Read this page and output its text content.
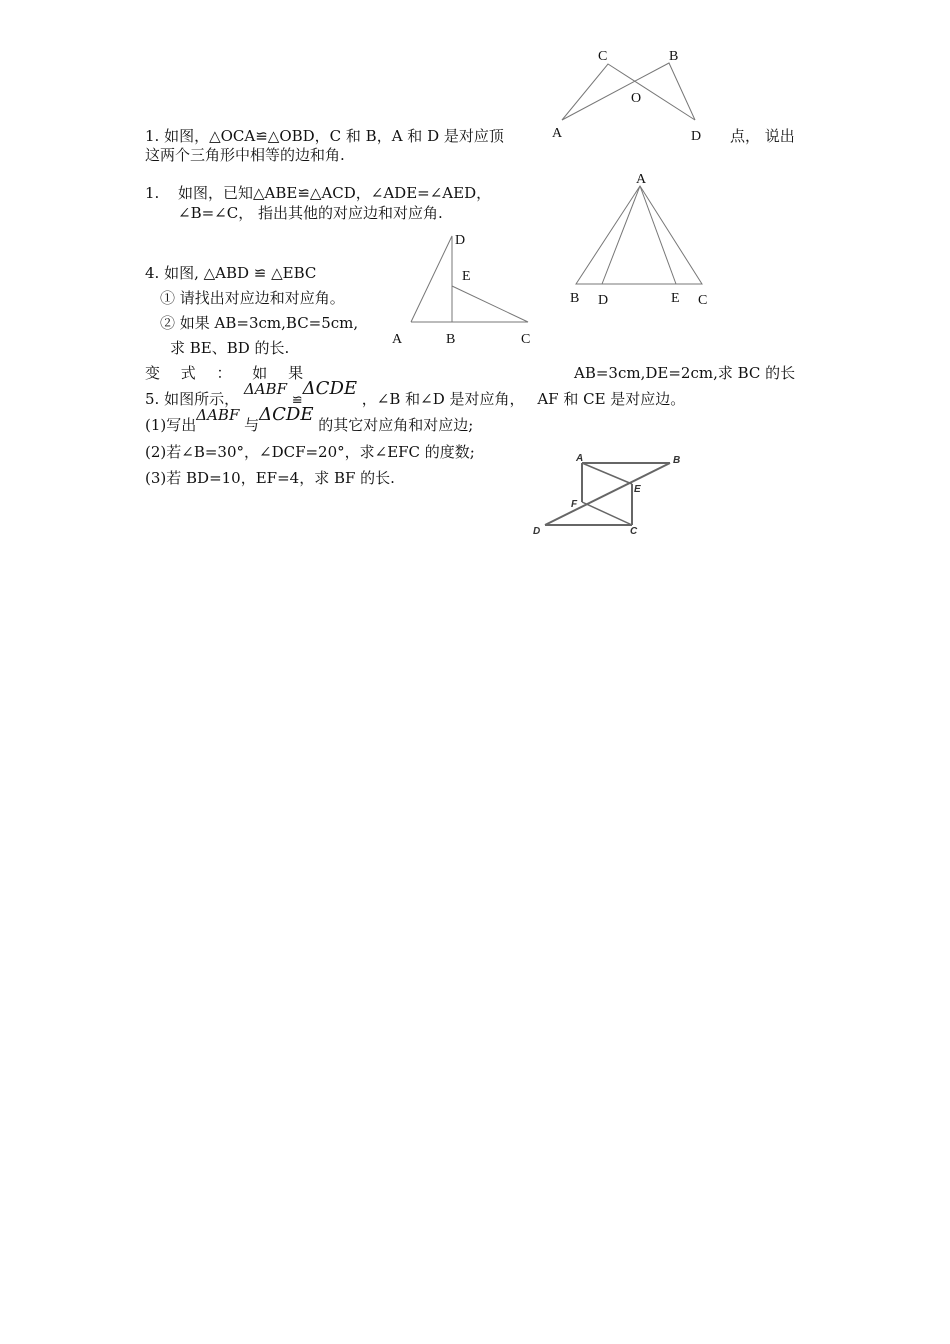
1. 如图，△OCA≌△OBD，C 和 B，A 和 D 是对应顶	点， 说出
这两个三角形中相等的边和角.
C	B
O
A	D
1. 如图，已知△ABE≌△ACD，∠ADE=∠AED，
∠B=∠C， 指出其他的对应边和对应角.
A
B D	E C
4. 如图, △ABD ≌ △EBC
① 请找出对应边和对应角。
② 如果 AB=3cm,BC=5cm,
求 BE、BD 的长.
D
E
A	B	C
变 式 ： 如 果	AB=3cm,DE=2cm,求 BC 的长
5. 如图所示， ΔABF ≌ΔCDE ，∠B 和∠D 是对应角， AF 和 CE 是对应边。
(1)写出ΔABF 与ΔCDE 的其它对应角和对应边;
(2)若∠B=30°，∠DCF=20°，求∠EFC 的度数;
(3)若 BD=10，EF=4，求 BF 的长.
A	B
E
F
D	C
